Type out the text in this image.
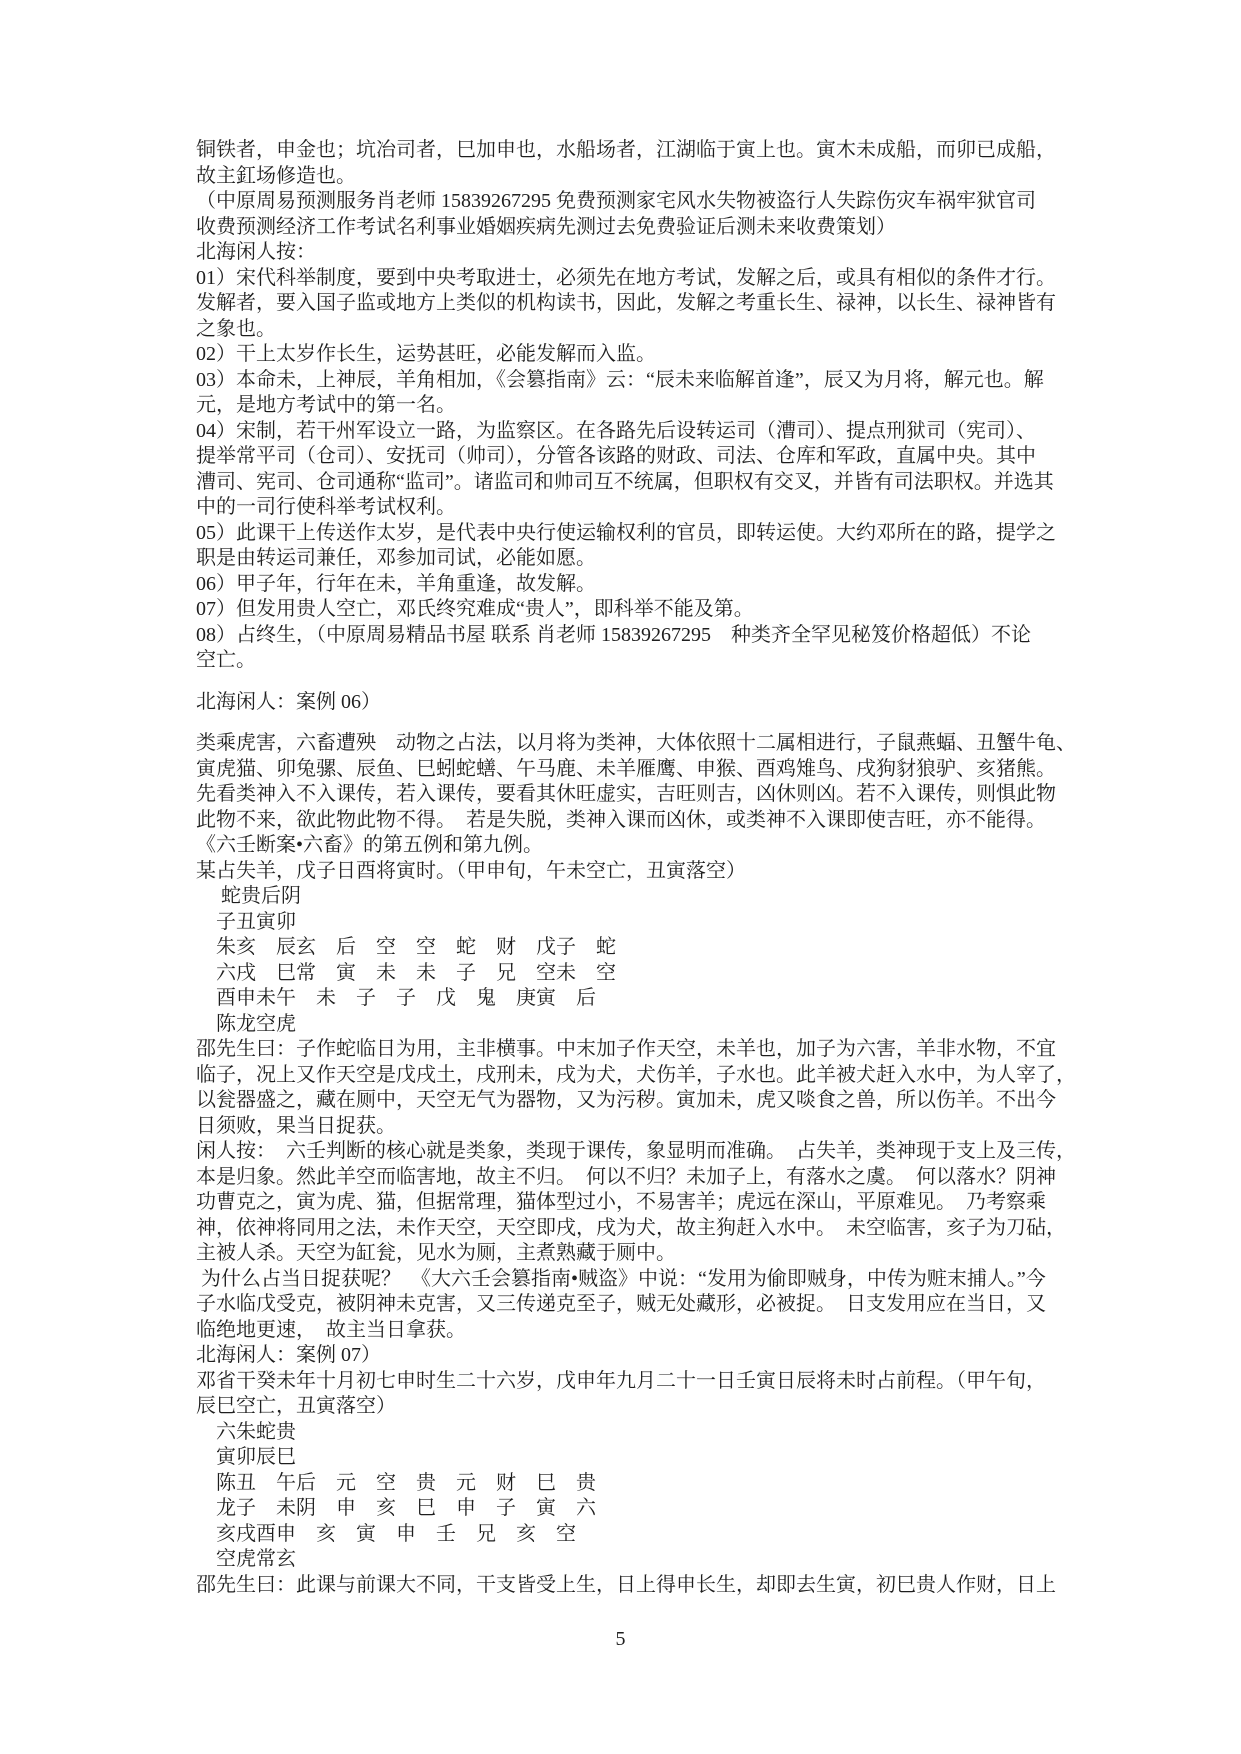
铜铁者，申金也；坑冶司者，巳加申也，水船场者，江湖临于寅上也。寅木未成船，而卯已成船，
故主釭场修造也。
（中原周易预测服务肖老师 15839267295 免费预测家宅风水失物被盗行人失踪伤灾车祸牢狱官司
收费预测经济工作考试名利事业婚姻疾病先测过去免费验证后测未来收费策划）
北海闲人按：
01）宋代科举制度，要到中央考取进士，必须先在地方考试，发解之后，或具有相似的条件才行。
发解者，要入国子监或地方上类似的机构读书，因此，发解之考重长生、禄神，以长生、禄神皆有
之象也。
02）干上太岁作长生，运势甚旺，必能发解而入监。
03）本命未，上神辰，羊角相加，《会篡指南》云：“辰未来临解首逢”，辰又为月将，解元也。解
元，是地方考试中的第一名。
04）宋制，若干州军设立一路，为监察区。在各路先后设转运司（漕司）、提点刑狱司（宪司）、
提举常平司（仓司）、安抚司（帅司），分管各该路的财政、司法、仓库和军政，直属中央。其中
漕司、宪司、仓司通称“监司”。诸监司和帅司互不统属，但职权有交叉，并皆有司法职权。并选其
中的一司行使科举考试权利。
05）此课干上传送作太岁，是代表中央行使运输权利的官员，即转运使。大约邓所在的路，提学之
职是由转运司兼任，邓参加司试，必能如愿。
06）甲子年，行年在未，羊角重逢，故发解。
07）但发用贵人空亡，邓氏终究难成“贵人”，即科举不能及第。
08）占终生，（中原周易精品书屋 联系 肖老师 15839267295　种类齐全罕见秘笈价格超低）不论
空亡。
北海闲人：案例 06）
类乘虎害，六畜遭殃　动物之占法，以月将为类神，大体依照十二属相进行，子鼠燕蝠、丑蟹牛龟、
寅虎猫、卯兔骡、辰鱼、巳蚓蛇蟮、午马鹿、未羊雁鹰、申猴、酉鸡雉鸟、戌狗豺狼驴、亥猪熊。
先看类神入不入课传，若入课传，要看其休旺虚实，吉旺则吉，凶休则凶。若不入课传，则惧此物
此物不来，欲此物此物不得。　若是失脱，类神入课而凶休，或类神不入课即使吉旺，亦不能得。
《六壬断案•六畜》的第五例和第九例。
某占失羊，戊子日酉将寅时。（甲申旬，午未空亡，丑寅落空）
　 蛇贵后阴
　子丑寅卯
　朱亥　辰玄　后　空　空　蛇　财　戊子　蛇
　六戌　巳常　寅　未　未　子　兄　空未　空
　酉申未午　未　子　子　戊　鬼　庚寅　后
　陈龙空虎
邵先生曰：子作蛇临日为用，主非横事。中末加子作天空，未羊也，加子为六害，羊非水物，不宜
临子，况上又作天空是戊戌土，戌刑未，戌为犬，犬伤羊，子水也。此羊被犬赶入水中，为人宰了，
以瓮器盛之，藏在厕中，天空无气为器物，又为污秽。寅加未，虎又啖食之兽，所以伤羊。不出今
日须败，果当日捉获。
闲人按：　六壬判断的核心就是类象，类现于课传，象显明而准确。　占失羊，类神现于支上及三传，
本是归象。然此羊空而临害地，故主不归。　何以不归？未加子上，有落水之虞。　何以落水？阴神
功曹克之，寅为虎、猫，但据常理，猫体型过小，不易害羊；虎远在深山，平原难见。　乃考察乘
神，依神将同用之法，未作天空，天空即戌，戌为犬，故主狗赶入水中。　未空临害，亥子为刀砧，
主被人杀。天空为缸瓮，见水为厕，主煮熟藏于厕中。
为什么占当日捉获呢？　《大六壬会篡指南•贼盗》中说：“发用为偷即贼身，中传为赃末捕人。”今
子水临戊受克，被阴神未克害，又三传递克至子，贼无处藏形，必被捉。　日支发用应在当日，又
临绝地更速，　故主当日拿获。
北海闲人：案例 07）
邓省干癸未年十月初七申时生二十六岁，戊申年九月二十一日壬寅日辰将未时占前程。（甲午旬，
辰巳空亡，丑寅落空）
　六朱蛇贵
　寅卯辰巳
　陈丑　午后　元　空　贵　元　财　巳　贵
　龙子　未阴　申　亥　巳　申　子　寅　六
　亥戌酉申　亥　寅　申　壬　兄　亥　空
　空虎常玄
邵先生曰：此课与前课大不同，干支皆受上生，日上得申长生，却即去生寅，初巳贵人作财，日上
5
